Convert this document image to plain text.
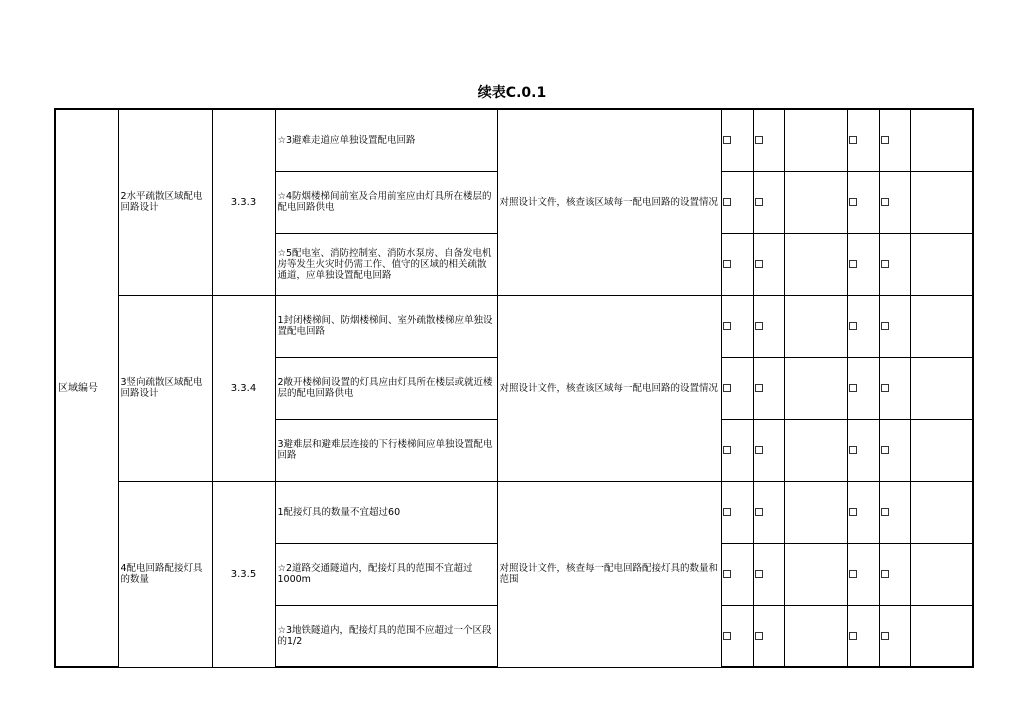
续表C.0.1
区域编号	2水平疏散区域配电回路设计	3.3.3	☆3避难走道应单独设置配电回路	对照设计文件，核查该区域每一配电回路的设置情况						
			☆4防烟楼梯间前室及合用前室应由灯具所在楼层的配电回路供电							
			☆5配电室、消防控制室、消防水泵房、自备发电机房等发生火灾时仍需工作、值守的区域的相关疏散通道，应单独设置配电回路							
	3竖向疏散区域配电回路设计	3.3.4	1封闭楼梯间、防烟楼梯间、室外疏散楼梯应单独设置配电回路	对照设计文件，核查该区域每一配电回路的设置情况						
			2敞开楼梯间设置的灯具应由灯具所在楼层或就近楼层的配电回路供电							
			3避难层和避难层连接的下行楼梯间应单独设置配电回路							
	4配电回路配接灯具的数量	3.3.5	1配接灯具的数量不宜超过60	对照设计文件，核查每一配电回路配接灯具的数量和范围						
			☆2道路交通隧道内，配接灯具的范围不宜超过1000m							
			☆3地铁隧道内，配接灯具的范围不应超过一个区段的1/2							
